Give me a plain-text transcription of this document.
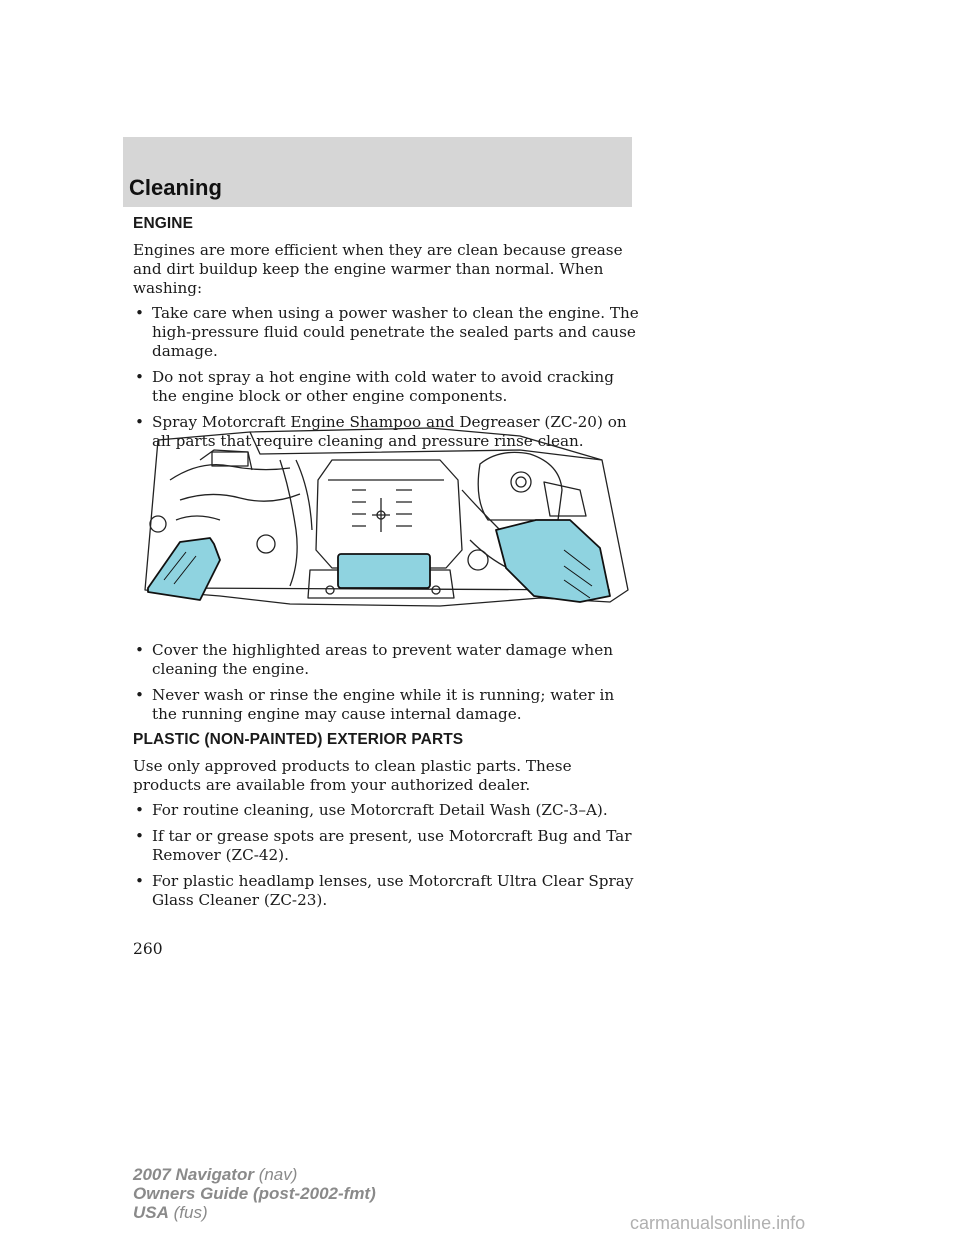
Cleaning
ENGINE
Engines are more efficient when they are clean because grease and dirt buildup keep the engine warmer than normal. When washing:
• Take care when using a power washer to clean the engine. The high-pressure fluid could penetrate the sealed parts and cause damage.
• Do not spray a hot engine with cold water to avoid cracking the engine block or other engine components.
• Spray Motorcraft Engine Shampoo and Degreaser (ZC-20) on all parts that require cleaning and pressure rinse clean.
• Cover the highlighted areas to prevent water damage when cleaning the engine.
• Never wash or rinse the engine while it is running; water in the running engine may cause internal damage.
PLASTIC (NON-PAINTED) EXTERIOR PARTS
Use only approved products to clean plastic parts. These products are available from your authorized dealer.
• For routine cleaning, use Motorcraft Detail Wash (ZC-3–A).
• If tar or grease spots are present, use Motorcraft Bug and Tar Remover (ZC-42).
• For plastic headlamp lenses, use Motorcraft Ultra Clear Spray Glass Cleaner (ZC-23).
260
2007 Navigator (nav)
Owners Guide (post-2002-fmt)
USA (fus)
carmanualsonline.info
